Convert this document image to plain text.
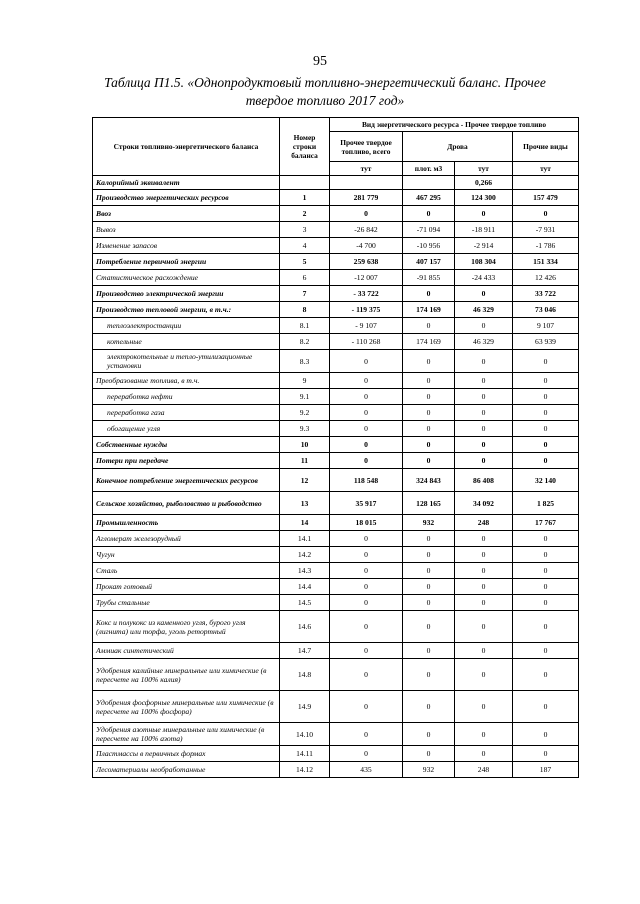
95
Таблица П1.5. «Однопродуктовый топливно-энергетический баланс. Прочее
твердое топливо 2017 год»
Строки топливно-энергетического баланса	Номер строки баланса	Вид энергетического ресурса - Прочее твердое топливо			
		Прочее твердое топливо, всего	Дрова		Прочие виды
		тут	плот. м3	тут	тут
Калорийный эквивалент				0,266	
Производство энергетических ресурсов	1	281 779	467 295	124 300	157 479
Ввоз	2	0	0	0	0
Вывоз	3	-26 842	-71 094	-18 911	-7 931
Изменение запасов	4	-4 700	-10 956	-2 914	-1 786
Потребление первичной энергии	5	259 638	407 157	108 304	151 334
Статистическое расхождение	6	-12 007	-91 855	-24 433	12 426
Производство электрической энергии	7	- 33 722	0	0	33 722
Производство тепловой энергии, в т.ч.:	8	- 119 375	174 169	46 329	73 046
теплоэлектростанции	8.1	- 9 107	0	0	9 107
котельные	8.2	- 110 268	174 169	46 329	63 939
электрокотельные и тепло-утилизационные установки	8.3	0	0	0	0
Преобразование топлива, в т.ч.	9	0	0	0	0
переработка нефти	9.1	0	0	0	0
переработка газа	9.2	0	0	0	0
обогащение угля	9.3	0	0	0	0
Собственные нужды	10	0	0	0	0
Потери при передаче	11	0	0	0	0
Конечное потребление энергетических ресурсов	12	118 548	324 843	86 408	32 140
Сельское хозяйство, рыболовство и рыбоводство	13	35 917	128 165	34 092	1 825
Промышленность	14	18 015	932	248	17 767
Агломерат железорудный	14.1	0	0	0	0
Чугун	14.2	0	0	0	0
Сталь	14.3	0	0	0	0
Прокат готовый	14.4	0	0	0	0
Трубы стальные	14.5	0	0	0	0
Кокс и полукокс из каменного угля, бурого угля (лигнита) или торфа, уголь ретортный	14.6	0	0	0	0
Аммиак синтетический	14.7	0	0	0	0
Удобрения калийные минеральные или химические (в пересчете на 100% калия)	14.8	0	0	0	0
Удобрения фосфорные минеральные или химические (в пересчете на 100% фосфора)	14.9	0	0	0	0
Удобрения азотные минеральные или химические (в пересчете на 100% азота)	14.10	0	0	0	0
Пластмассы в первичных формах	14.11	0	0	0	0
Лесоматериалы необработанные	14.12	435	932	248	187
